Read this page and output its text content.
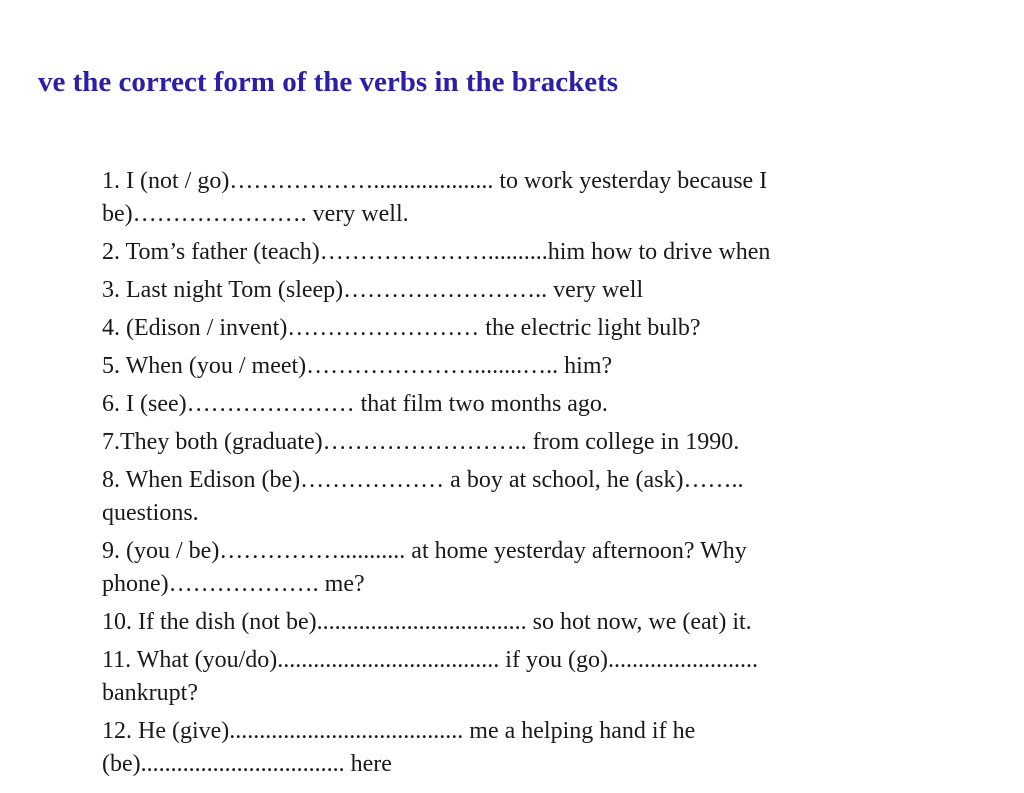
ve the correct form of the verbs in the brackets
1. I (not / go)……………….................... to work yesterday because I
be)…………………. very well.
2. Tom’s father (teach)…………………..........him how to drive when
3. Last night Tom (sleep)…………………….. very well
4. (Edison / invent)…………………… the electric light bulb?
5. When (you / meet)…………………........….. him?
6. I (see)………………… that film two months ago.
7.They both (graduate)…………………….. from college in 1990.
8. When Edison (be)……………… a boy at school, he (ask)……..
questions.
9. (you / be)……………........... at home yesterday afternoon? Why
phone)………………. me?
10. If the dish (not be)................................... so hot now, we (eat) it.
11. What (you/do)..................................... if you (go).........................
bankrupt?
12. He (give)....................................... me a helping hand if he
(be).................................. here
